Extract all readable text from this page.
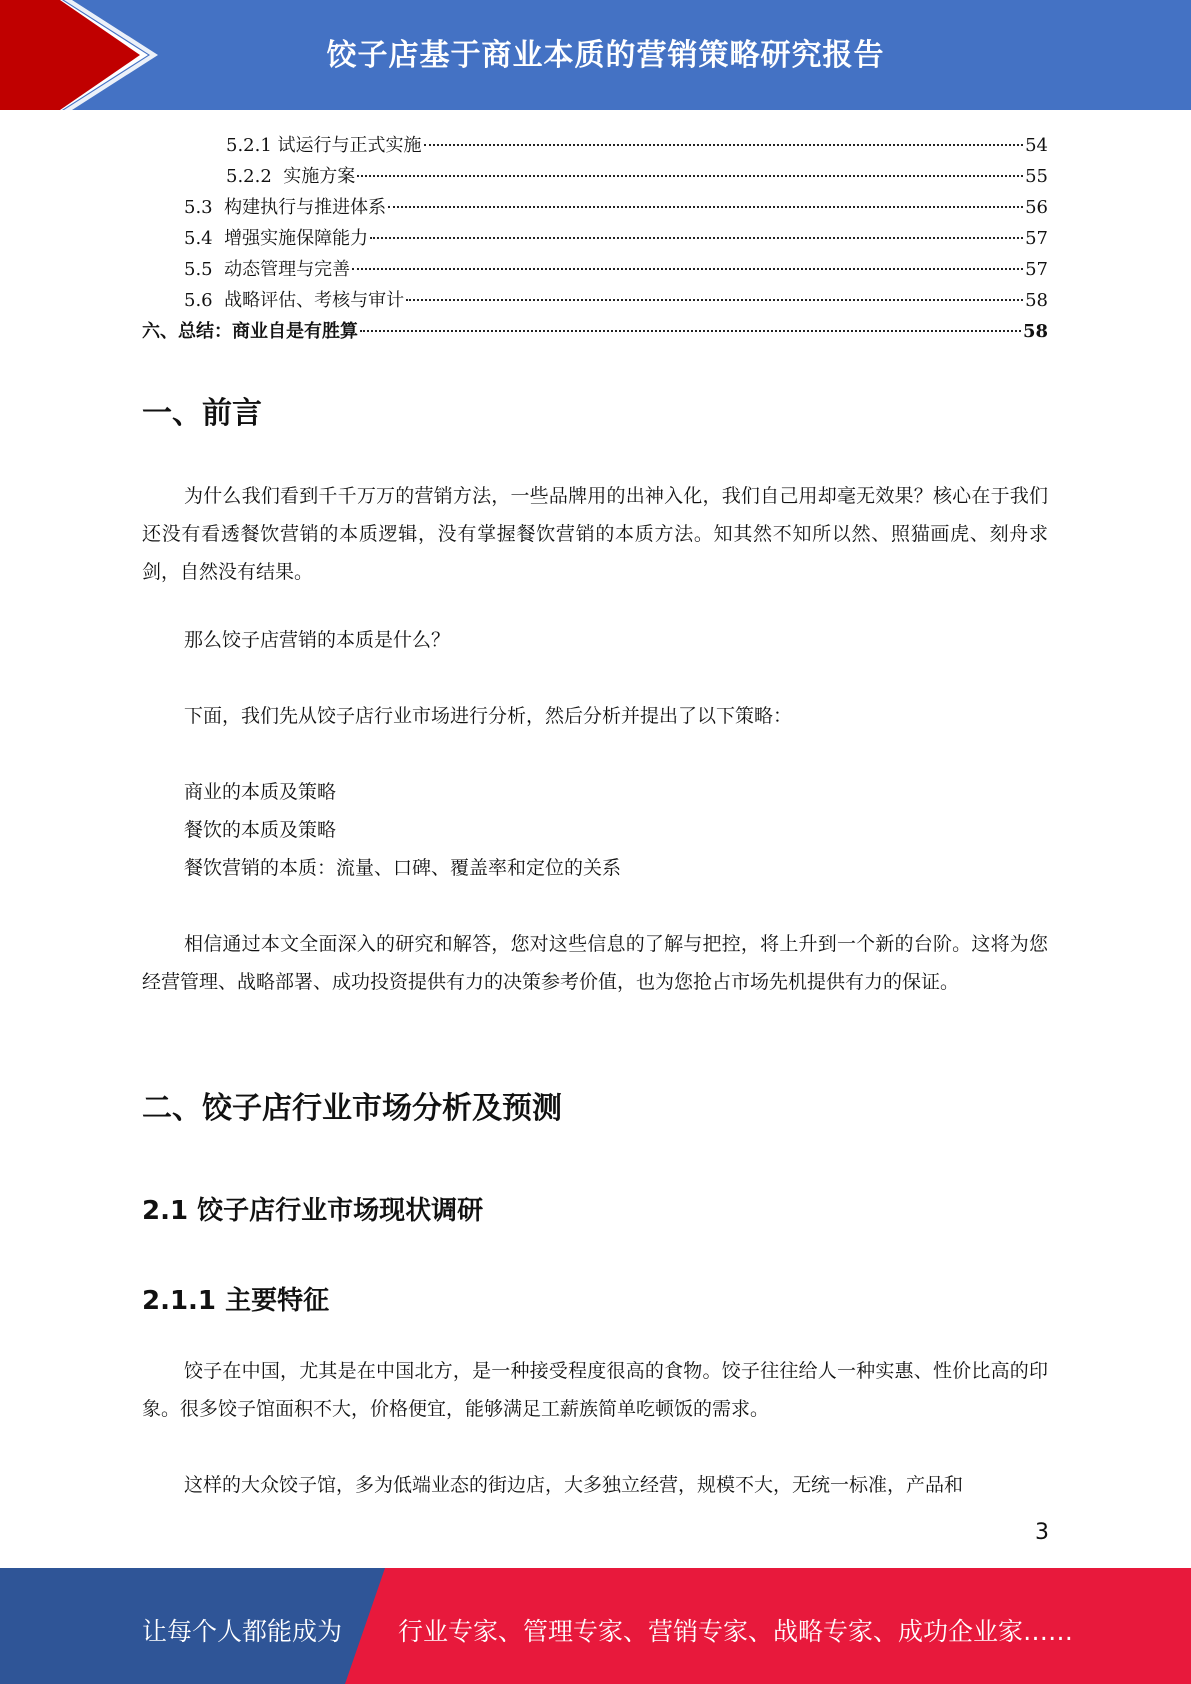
饺子店基于商业本质的营销策略研究报告
5.2.1 试运行与正式实施	54
5.2.2 实施方案	55
5.3 构建执行与推进体系	56
5.4 增强实施保障能力	57
5.5 动态管理与完善	57
5.6 战略评估、考核与审计	58
六、总结：商业自是有胜算	58
一、前言

为什么我们看到千千万万的营销方法，一些品牌用的出神入化，我们自己用却毫无效果？核心在于我们还没有看透餐饮营销的本质逻辑，没有掌握餐饮营销的本质方法。知其然不知所以然、照猫画虎、刻舟求剑，自然没有结果。

那么饺子店营销的本质是什么？

下面，我们先从饺子店行业市场进行分析，然后分析并提出了以下策略：

商业的本质及策略

餐饮的本质及策略

餐饮营销的本质：流量、口碑、覆盖率和定位的关系

相信通过本文全面深入的研究和解答，您对这些信息的了解与把控，将上升到一个新的台阶。这将为您经营管理、战略部署、成功投资提供有力的决策参考价值，也为您抢占市场先机提供有力的保证。

二、饺子店行业市场分析及预测
2.1 饺子店行业市场现状调研
2.1.1 主要特征

饺子在中国，尤其是在中国北方，是一种接受程度很高的食物。饺子往往给人一种实惠、性价比高的印象。很多饺子馆面积不大，价格便宜，能够满足工薪族简单吃顿饭的需求。

这样的大众饺子馆，多为低端业态的街边店，大多独立经营，规模不大，无统一标准，产品和

3
让每个人都能成为 行业专家、管理专家、营销专家、战略专家、成功企业家……
